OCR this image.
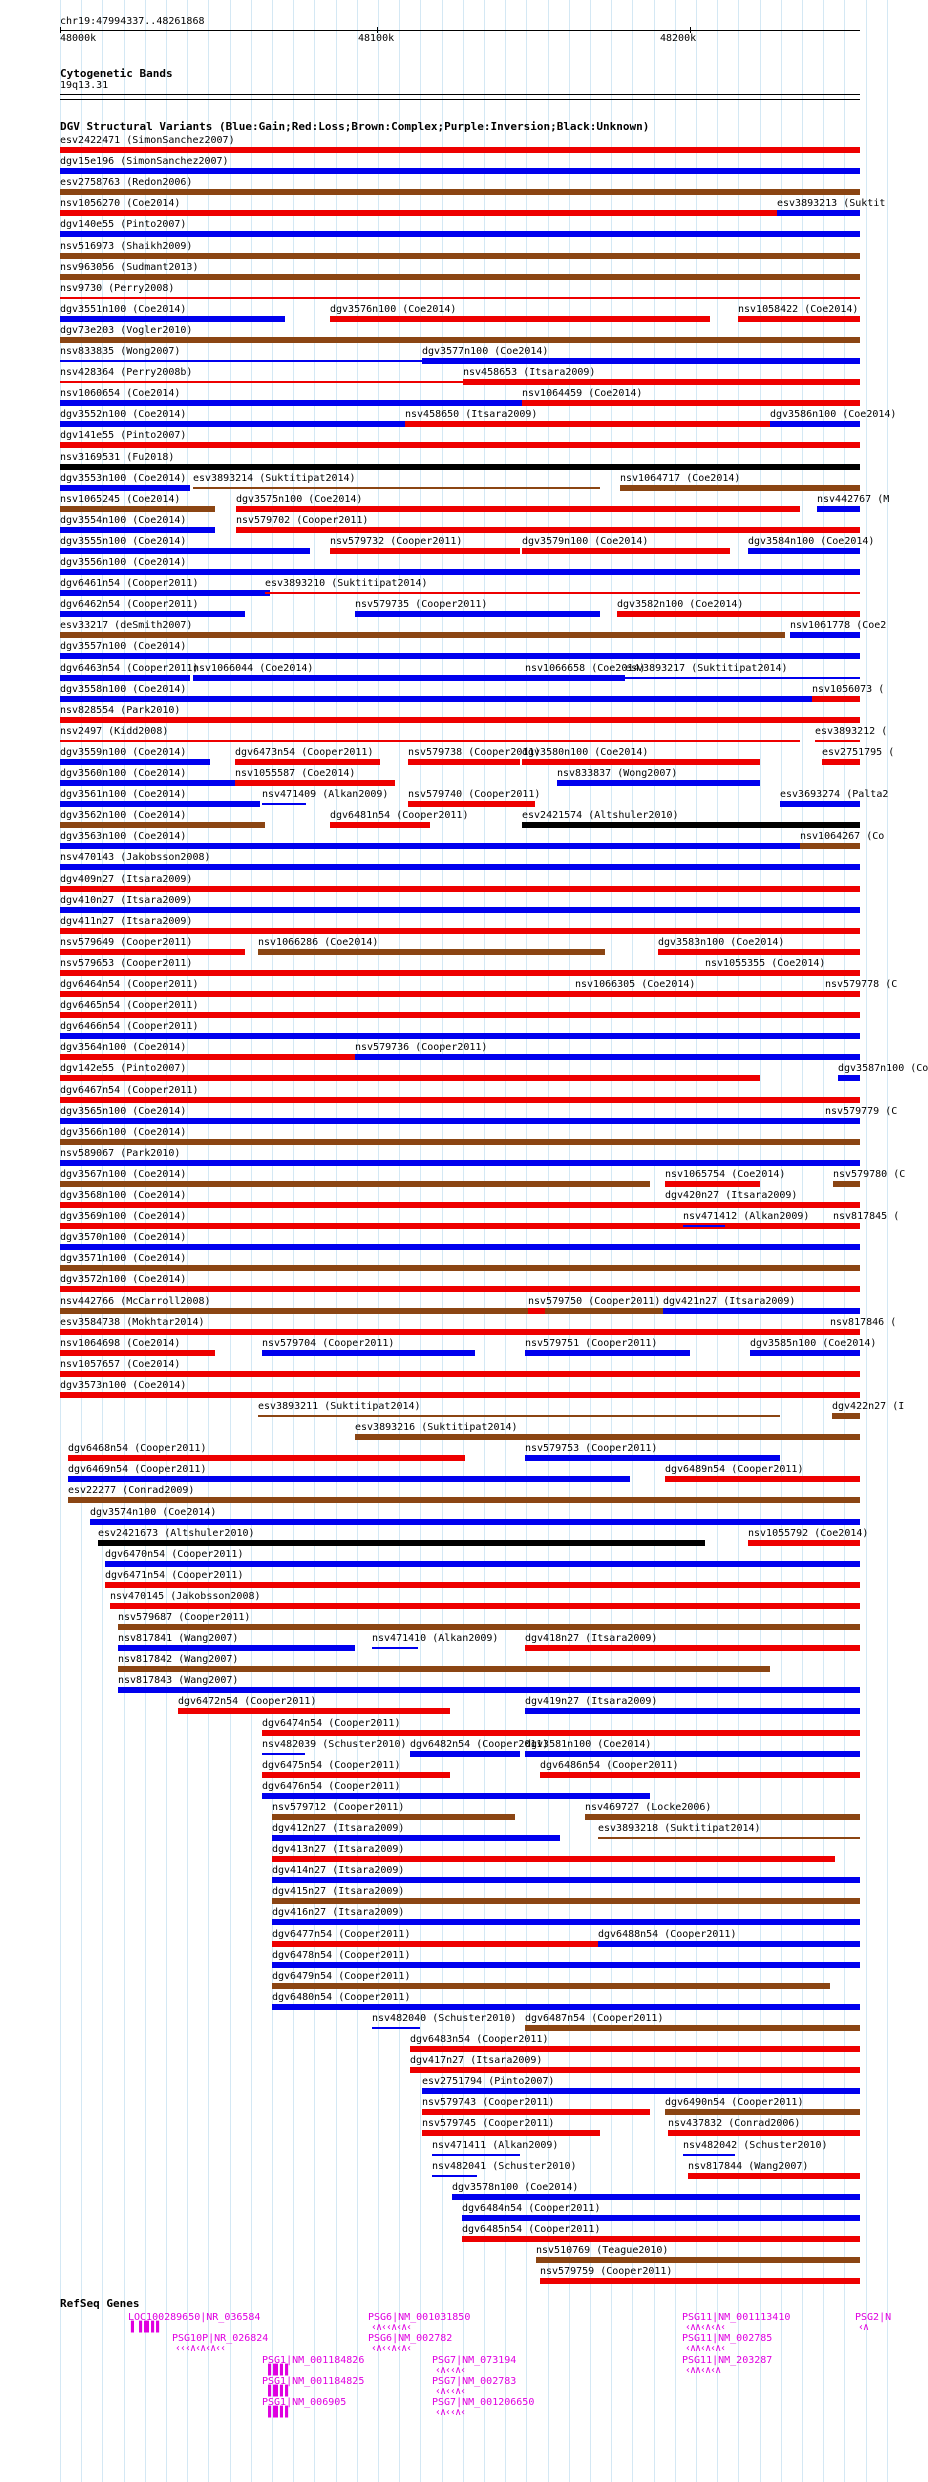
chr19:47994337..48261868
48000k	48100k	48200k
Cytogenetic Bands
19q13.31
DGV Structural Variants (Blue:Gain;Red:Loss;Brown:Complex;Purple:Inversion;Black:Unknown)
esv2422471 (SimonSanchez2007)
dgv15e196 (SimonSanchez2007)
esv2758763 (Redon2006)
nsv1056270 (Coe2014)	esv3893213 (Suktit
dgv140e55 (Pinto2007)
nsv516973 (Shaikh2009)
nsv963056 (Sudmant2013)
nsv9730 (Perry2008)
dgv3551n100 (Coe2014)	dgv3576n100 (Coe2014)	nsv1058422 (Coe2014)
dgv73e203 (Vogler2010)
nsv833835 (Wong2007)	dgv3577n100 (Coe2014)
nsv428364 (Perry2008b)	nsv458653 (Itsara2009)
nsv1060654 (Coe2014)	nsv1064459 (Coe2014)
dgv3552n100 (Coe2014)	nsv458650 (Itsara2009)	dgv3586n100 (Coe2014)
dgv141e55 (Pinto2007)
nsv3169531 (Fu2018)
dgv3553n100 (Coe2014) esv3893214 (Suktitipat2014)	nsv1064717 (Coe2014)
nsv1065245 (Coe2014)	dgv3575n100 (Coe2014)	nsv442767 (M
dgv3554n100 (Coe2014)	nsv579702 (Cooper2011)
dgv3555n100 (Coe2014)	nsv579732 (Cooper2011)	dgv3579n100 (Coe2014)	dgv3584n100 (Coe2014)
dgv3556n100 (Coe2014)
dgv6461n54 (Cooper2011)	esv3893210 (Suktitipat2014)
dgv6462n54 (Cooper2011)	nsv579735 (Cooper2011)	dgv3582n100 (Coe2014)
esv33217 (deSmith2007)	nsv1061778 (Coe2
dgv3557n100 (Coe2014)
dgv6463n54 (Cooper2011)
nsv1066044 (Coe2014)	nsv1066658 (Coe2014)
esv3893217 (Suktitipat2014)
dgv3558n100 (Coe2014)	nsv1056073 (
nsv828554 (Park2010)
nsv2497 (Kidd2008)	esv3893212 (
dgv3559n100 (Coe2014)	dgv6473n54 (Cooper2011)	nsv579738 (Cooper2011)
dgv3580n100 (Coe2014)	esv2751795 (
dgv3560n100 (Coe2014)	nsv1055587 (Coe2014)	nsv833837 (Wong2007)
dgv3561n100 (Coe2014)	nsv471409 (Alkan2009) nsv579740 (Cooper2011)	esv3693274 (Palta2
dgv3562n100 (Coe2014)	dgv6481n54 (Cooper2011)	esv2421574 (Altshuler2010)
dgv3563n100 (Coe2014)	nsv1064267 (Co
nsv470143 (Jakobsson2008)
dgv409n27 (Itsara2009)
dgv410n27 (Itsara2009)
dgv411n27 (Itsara2009)
nsv579649 (Cooper2011)	nsv1066286 (Coe2014)	dgv3583n100 (Coe2014)
nsv579653 (Cooper2011)	nsv1055355 (Coe2014)
dgv6464n54 (Cooper2011)	nsv1066305 (Coe2014)	nsv579778 (C
dgv6465n54 (Cooper2011)
dgv6466n54 (Cooper2011)
dgv3564n100 (Coe2014)	nsv579736 (Cooper2011)
dgv142e55 (Pinto2007)	dgv3587n100 (Co
dgv6467n54 (Cooper2011)
dgv3565n100 (Coe2014)	nsv579779 (C
dgv3566n100 (Coe2014)
nsv589067 (Park2010)
dgv3567n100 (Coe2014)	nsv1065754 (Coe2014)	nsv579780 (C
dgv3568n100 (Coe2014)	dgv420n27 (Itsara2009)
dgv3569n100 (Coe2014)	nsv471412 (Alkan2009) nsv817845 (
dgv3570n100 (Coe2014)
dgv3571n100 (Coe2014)
dgv3572n100 (Coe2014)
nsv442766 (McCarroll2008)	nsv579750 (Cooper2011) dgv421n27 (Itsara2009)
esv3584738 (Mokhtar2014)	nsv817846 (
nsv1064698 (Coe2014)	nsv579704 (Cooper2011)	nsv579751 (Cooper2011)	dgv3585n100 (Coe2014)
nsv1057657 (Coe2014)
dgv3573n100 (Coe2014)
esv3893211 (Suktitipat2014)	dgv422n27 (I
esv3893216 (Suktitipat2014)
dgv6468n54 (Cooper2011)	nsv579753 (Cooper2011)
dgv6469n54 (Cooper2011)	dgv6489n54 (Cooper2011)
esv22277 (Conrad2009)
dgv3574n100 (Coe2014)
esv2421673 (Altshuler2010)	nsv1055792 (Coe2014)
dgv6470n54 (Cooper2011)
dgv6471n54 (Cooper2011)
nsv470145 (Jakobsson2008)
nsv579687 (Cooper2011)
nsv817841 (Wang2007)	nsv471410 (Alkan2009)	dgv418n27 (Itsara2009)
nsv817842 (Wang2007)
nsv817843 (Wang2007)
dgv6472n54 (Cooper2011)	dgv419n27 (Itsara2009)
dgv6474n54 (Cooper2011)
nsv482039 (Schuster2010) dgv6482n54 (Cooper2011)
dgv3581n100 (Coe2014)
dgv6475n54 (Cooper2011)	dgv6486n54 (Cooper2011)
dgv6476n54 (Cooper2011)
nsv579712 (Cooper2011)	nsv469727 (Locke2006)
dgv412n27 (Itsara2009)	esv3893218 (Suktitipat2014)
dgv413n27 (Itsara2009)
dgv414n27 (Itsara2009)
dgv415n27 (Itsara2009)
dgv416n27 (Itsara2009)
dgv6477n54 (Cooper2011)	dgv6488n54 (Cooper2011)
dgv6478n54 (Cooper2011)
dgv6479n54 (Cooper2011)
dgv6480n54 (Cooper2011)
nsv482040 (Schuster2010) dgv6487n54 (Cooper2011)
dgv6483n54 (Cooper2011)
dgv417n27 (Itsara2009)
esv2751794 (Pinto2007)
nsv579743 (Cooper2011)	dgv6490n54 (Cooper2011)
nsv579745 (Cooper2011)	nsv437832 (Conrad2006)
nsv471411 (Alkan2009)	nsv482042 (Schuster2010)
nsv482041 (Schuster2010)	nsv817844 (Wang2007)
dgv3578n100 (Coe2014)
dgv6484n54 (Cooper2011)
dgv6485n54 (Cooper2011)
nsv510769 (Teague2010)
nsv579759 (Cooper2011)
RefSeq Genes
LOC100289650|NR_036584
▌▐▐▌▌▌
PSG10P|NR_026824
‹‹‹∧‹∧‹∧‹‹
PSG1|NM_001184826
▐▐▌▌▌
PSG1|NM_001184825
▐▐▌▌▌
PSG1|NM_006905
▐▐▌▌▌
PSG6|NM_001031850
‹∧‹‹∧‹∧‹
PSG6|NM_002782
‹∧‹‹∧‹∧‹
PSG7|NM_073194
‹∧‹‹∧‹
PSG7|NM_002783
‹∧‹‹∧‹
PSG7|NM_001206650
‹∧‹‹∧‹
PSG11|NM_001113410
‹∧∧‹∧‹∧‹
PSG11|NM_002785
‹∧∧‹∧‹∧‹
PSG11|NM_203287
‹∧∧‹∧‹∧
PSG2|N
‹∧
